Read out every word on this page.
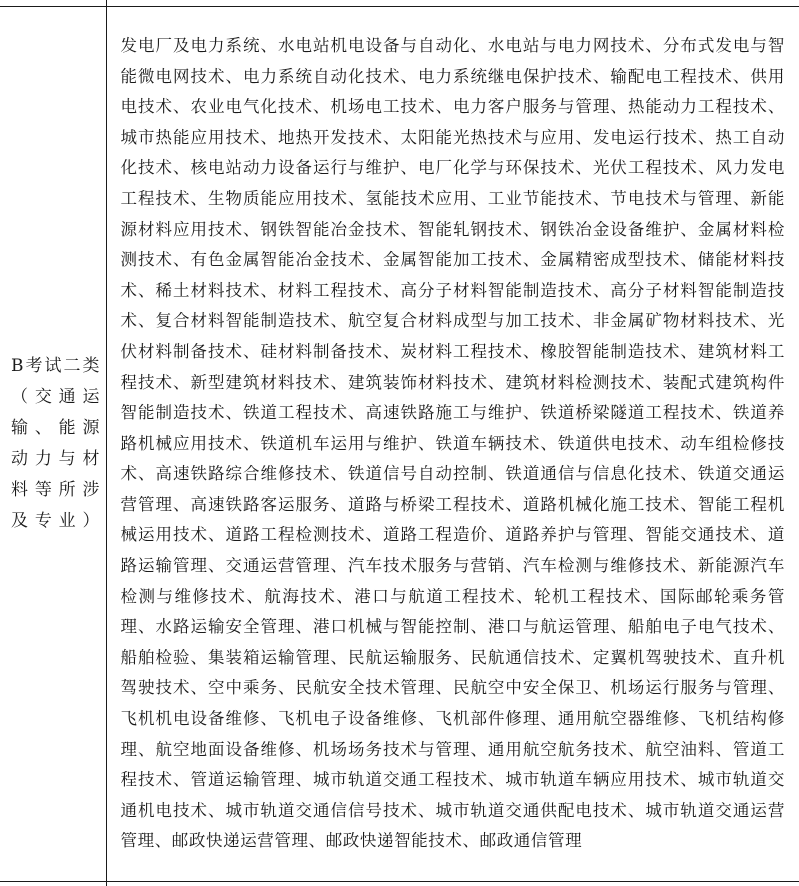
B考试二类（交通运输、能源动力与材料等所涉及专业）	发电厂及电力系统、水电站机电设备与自动化、水电站与电力网技术、分布式发电与智能微电网技术、电力系统自动化技术、电力系统继电保护技术、输配电工程技术、供用电技术、农业电气化技术、机场电工技术、电力客户服务与管理、热能动力工程技术、城市热能应用技术、地热开发技术、太阳能光热技术与应用、发电运行技术、热工自动化技术、核电站动力设备运行与维护、电厂化学与环保技术、光伏工程技术、风力发电工程技术、生物质能应用技术、氢能技术应用、工业节能技术、节电技术与管理、新能源材料应用技术、钢铁智能冶金技术、智能轧钢技术、钢铁冶金设备维护、金属材料检测技术、有色金属智能冶金技术、金属智能加工技术、金属精密成型技术、储能材料技术、稀土材料技术、材料工程技术、高分子材料智能制造技术、高分子材料智能制造技术、复合材料智能制造技术、航空复合材料成型与加工技术、非金属矿物材料技术、光伏材料制备技术、硅材料制备技术、炭材料工程技术、橡胶智能制造技术、建筑材料工程技术、新型建筑材料技术、建筑装饰材料技术、建筑材料检测技术、装配式建筑构件智能制造技术、铁道工程技术、高速铁路施工与维护、铁道桥梁隧道工程技术、铁道养路机械应用技术、铁道机车运用与维护、铁道车辆技术、铁道供电技术、动车组检修技术、高速铁路综合维修技术、铁道信号自动控制、铁道通信与信息化技术、铁道交通运营管理、高速铁路客运服务、道路与桥梁工程技术、道路机械化施工技术、智能工程机械运用技术、道路工程检测技术、道路工程造价、道路养护与管理、智能交通技术、道路运输管理、交通运营管理、汽车技术服务与营销、汽车检测与维修技术、新能源汽车检测与维修技术、航海技术、港口与航道工程技术、轮机工程技术、国际邮轮乘务管理、水路运输安全管理、港口机械与智能控制、港口与航运管理、船舶电子电气技术、船舶检验、集装箱运输管理、民航运输服务、民航通信技术、定翼机驾驶技术、直升机驾驶技术、空中乘务、民航安全技术管理、民航空中安全保卫、机场运行服务与管理、飞机机电设备维修、飞机电子设备维修、飞机部件修理、通用航空器维修、飞机结构修理、航空地面设备维修、机场场务技术与管理、通用航空航务技术、航空油料、管道工程技术、管道运输管理、城市轨道交通工程技术、城市轨道车辆应用技术、城市轨道交通机电技术、城市轨道交通信信号技术、城市轨道交通供配电技术、城市轨道交通运营管理、邮政快递运营管理、邮政快递智能技术、邮政通信管理
